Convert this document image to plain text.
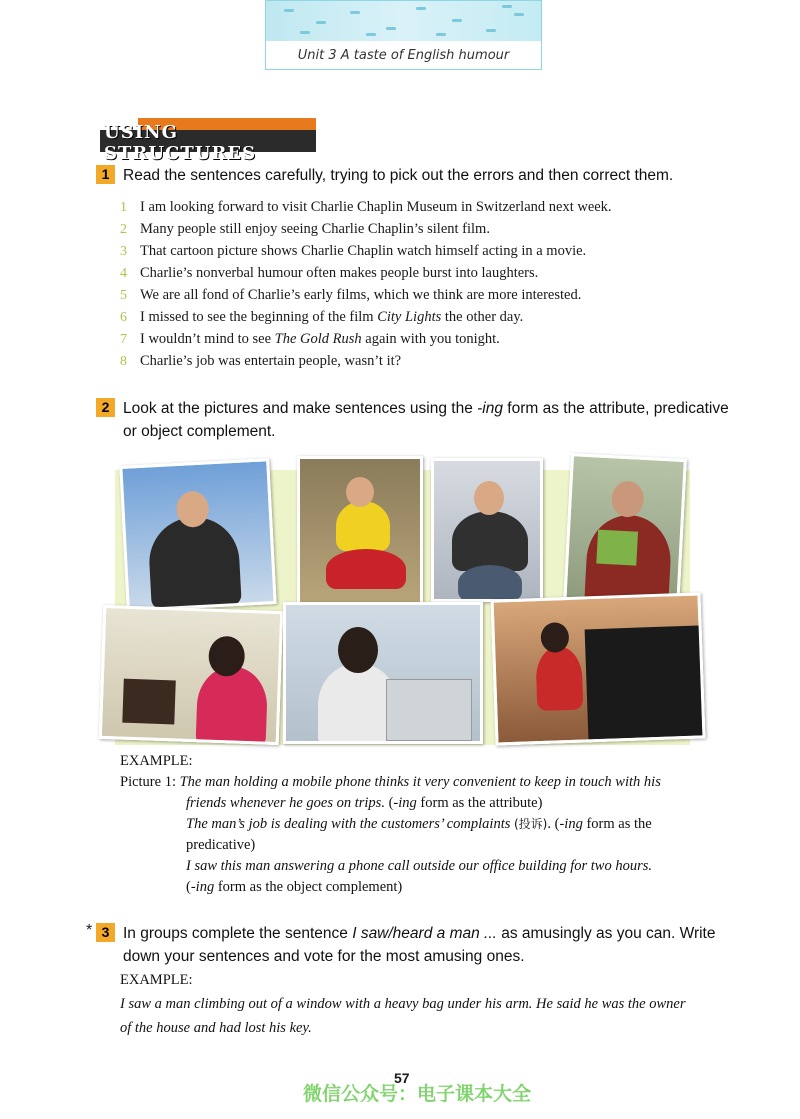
Unit 3 A taste of English humour
USING STRUCTURES
1 Read the sentences carefully, trying to pick out the errors and then correct them.
1 I am looking forward to visit Charlie Chaplin Museum in Switzerland next week.
2 Many people still enjoy seeing Charlie Chaplin’s silent film.
3 That cartoon picture shows Charlie Chaplin watch himself acting in a movie.
4 Charlie’s nonverbal humour often makes people burst into laughters.
5 We are all fond of Charlie’s early films, which we think are more interested.
6 I missed to see the beginning of the film City Lights the other day.
7 I wouldn’t mind to see The Gold Rush again with you tonight.
8 Charlie’s job was entertain people, wasn’t it?
2 Look at the pictures and make sentences using the -ing form as the attribute, predicative
or object complement.
EXAMPLE:
Picture 1: The man holding a mobile phone thinks it very convenient to keep in touch with his
friends whenever he goes on trips. (-ing form as the attribute)
The man’s job is dealing with the customers’ complaints (投诉). (-ing form as the
predicative)
I saw this man answering a phone call outside our office building for two hours.
(-ing form as the object complement)
* 3 In groups complete the sentence I saw/heard a man ... as amusingly as you can. Write
down your sentences and vote for the most amusing ones.
EXAMPLE:
I saw a man climbing out of a window with a heavy bag under his arm. He said he was the owner
of the house and had lost his key.
57
微信公众号：电子课本大全
